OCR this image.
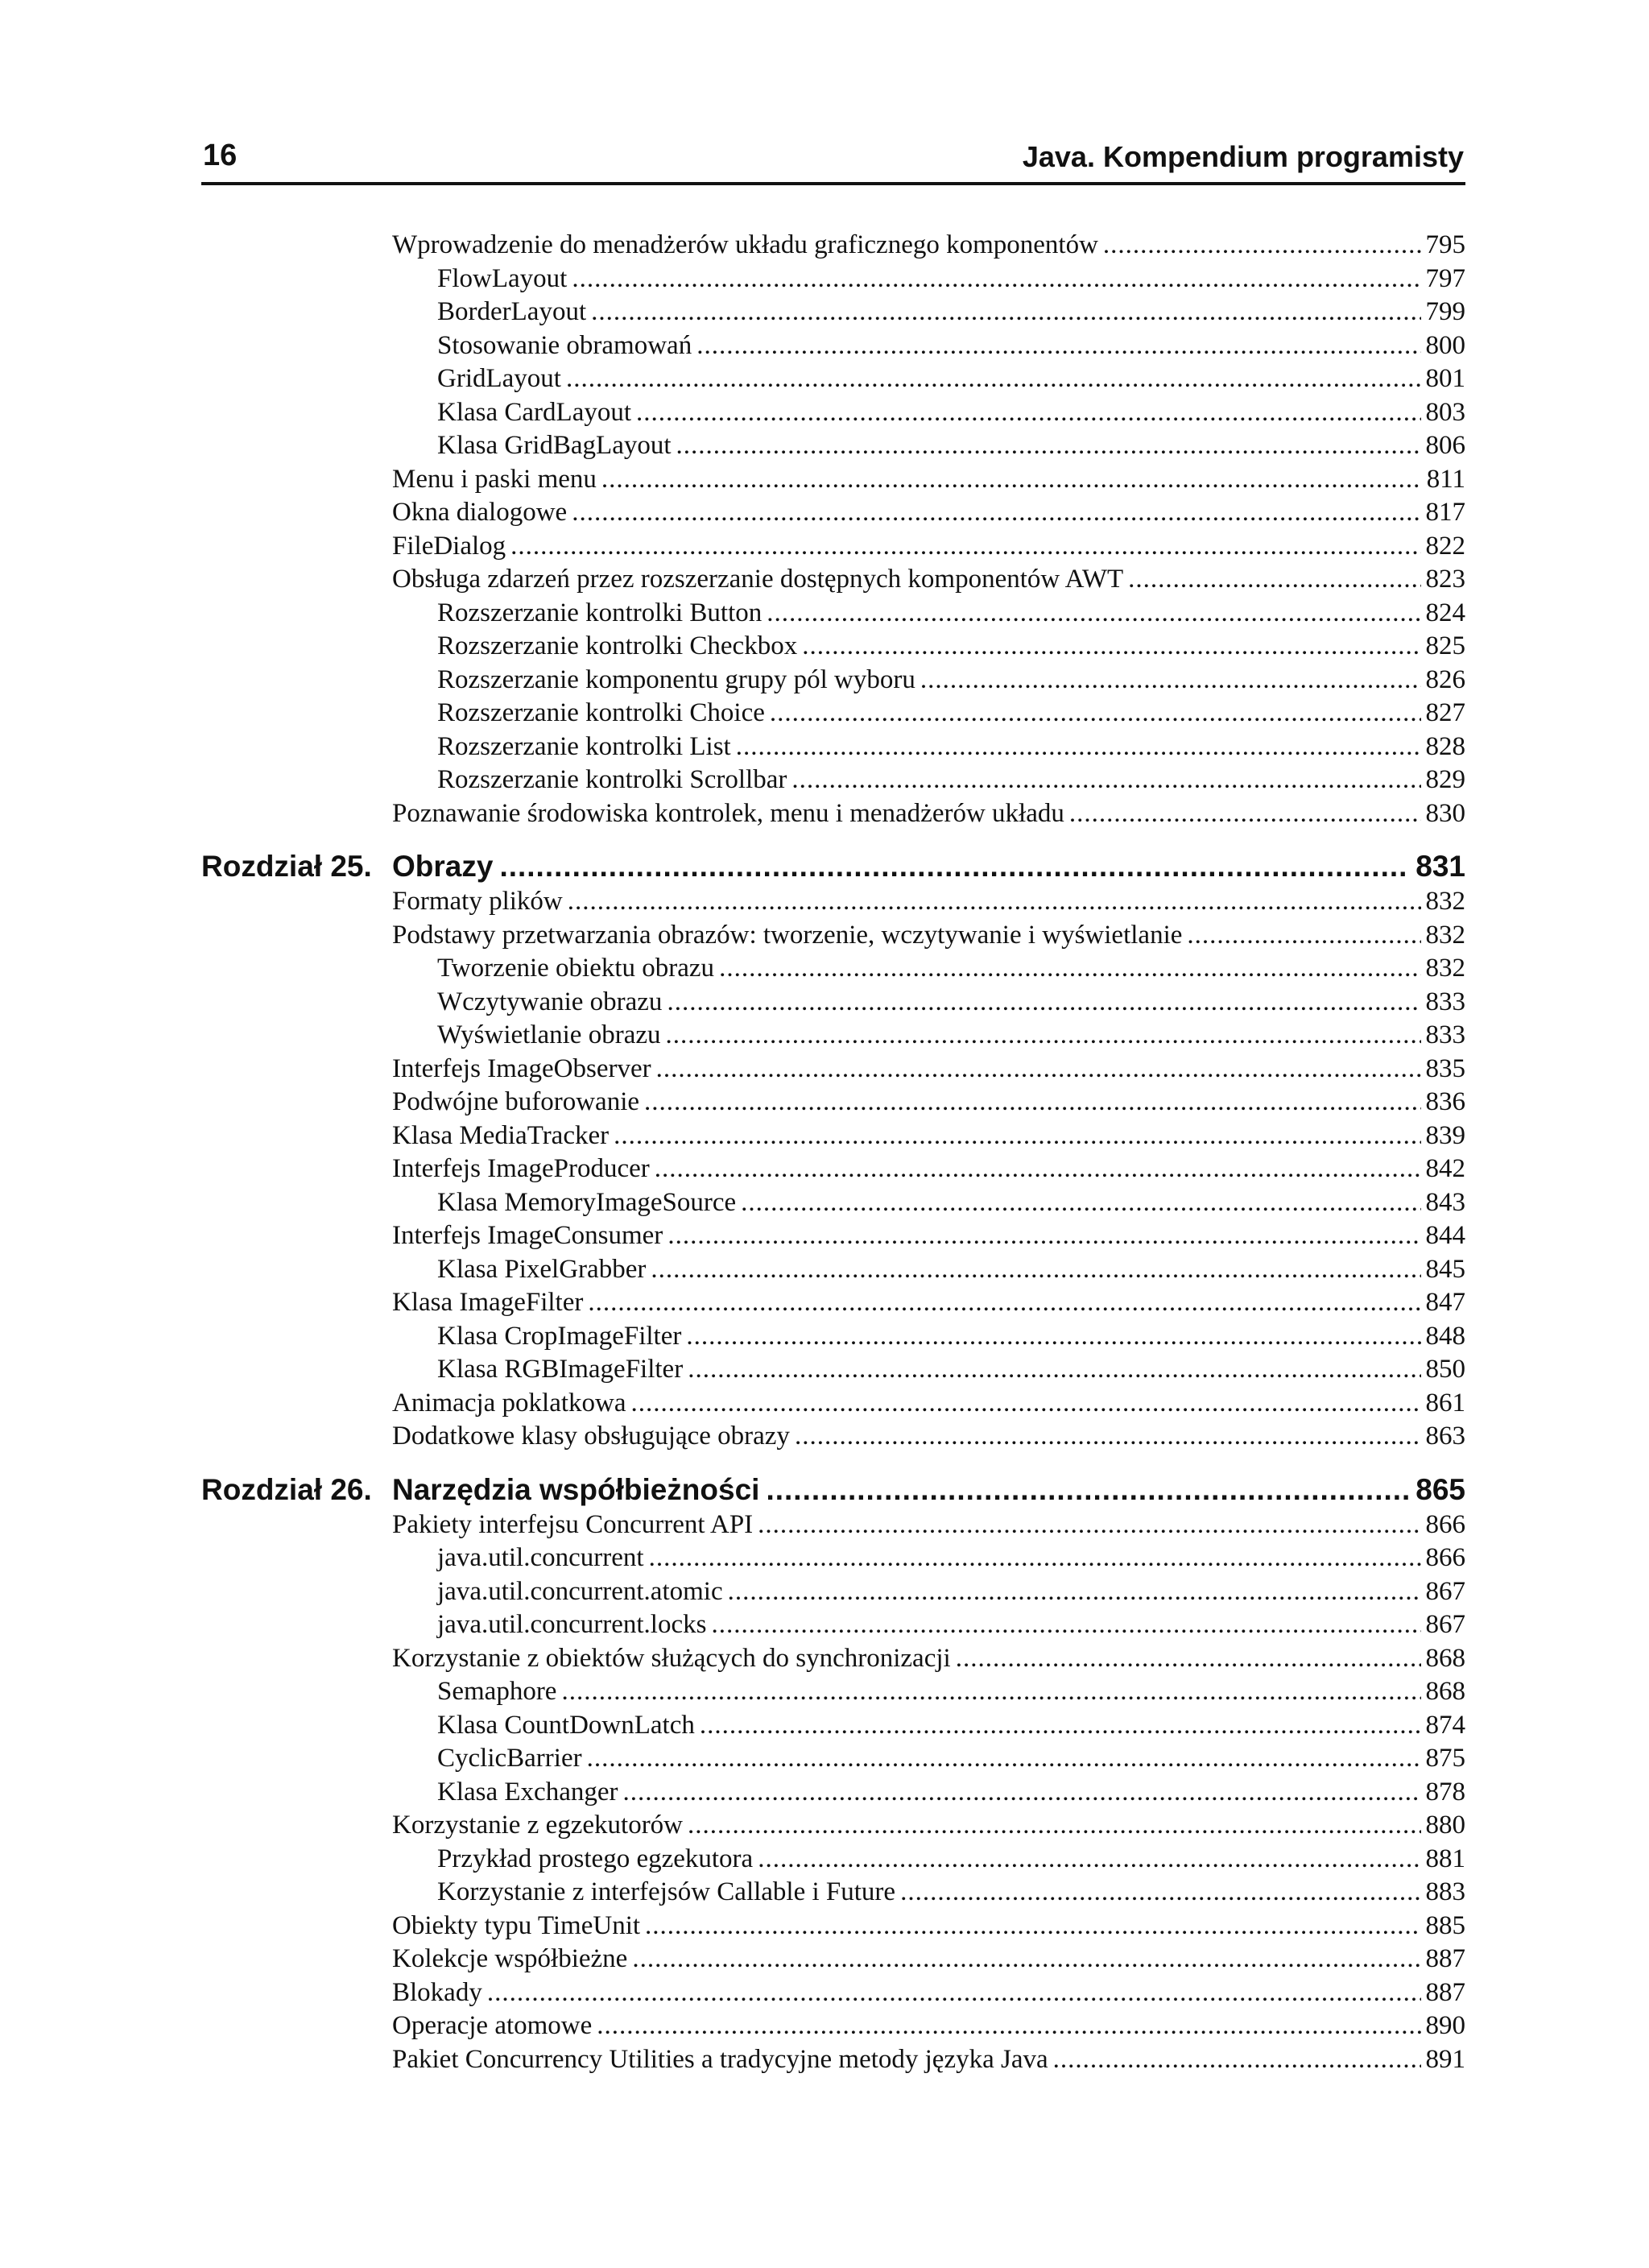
16	Java. Kompendium programisty
Wprowadzenie do menadżerów układu graficznego komponentów .....	795
FlowLayout .....	797
BorderLayout .....	799
Stosowanie obramowań .....	800
GridLayout .....	801
Klasa CardLayout .....	803
Klasa GridBagLayout .....	806
Menu i paski menu .....	811
Okna dialogowe .....	817
FileDialog .....	822
Obsługa zdarzeń przez rozszerzanie dostępnych komponentów AWT .....	823
Rozszerzanie kontrolki Button .....	824
Rozszerzanie kontrolki Checkbox .....	825
Rozszerzanie komponentu grupy pól wyboru .....	826
Rozszerzanie kontrolki Choice .....	827
Rozszerzanie kontrolki List .....	828
Rozszerzanie kontrolki Scrollbar .....	829
Poznawanie środowiska kontrolek, menu i menadżerów układu .....	830
Rozdział 25. Obrazy .....	831
Formaty plików .....	832
Podstawy przetwarzania obrazów: tworzenie, wczytywanie i wyświetlanie .....	832
Tworzenie obiektu obrazu .....	832
Wczytywanie obrazu .....	833
Wyświetlanie obrazu .....	833
Interfejs ImageObserver .....	835
Podwójne buforowanie .....	836
Klasa MediaTracker .....	839
Interfejs ImageProducer .....	842
Klasa MemoryImageSource .....	843
Interfejs ImageConsumer .....	844
Klasa PixelGrabber .....	845
Klasa ImageFilter .....	847
Klasa CropImageFilter .....	848
Klasa RGBImageFilter .....	850
Animacja poklatkowa .....	861
Dodatkowe klasy obsługujące obrazy .....	863
Rozdział 26. Narzędzia współbieżności .....	865
Pakiety interfejsu Concurrent API .....	866
java.util.concurrent .....	866
java.util.concurrent.atomic .....	867
java.util.concurrent.locks .....	867
Korzystanie z obiektów służących do synchronizacji .....	868
Semaphore .....	868
Klasa CountDownLatch .....	874
CyclicBarrier .....	875
Klasa Exchanger .....	878
Korzystanie z egzekutorów .....	880
Przykład prostego egzekutora .....	881
Korzystanie z interfejsów Callable i Future .....	883
Obiekty typu TimeUnit .....	885
Kolekcje współbieżne .....	887
Blokady .....	887
Operacje atomowe .....	890
Pakiet Concurrency Utilities a tradycyjne metody języka Java .....	891
